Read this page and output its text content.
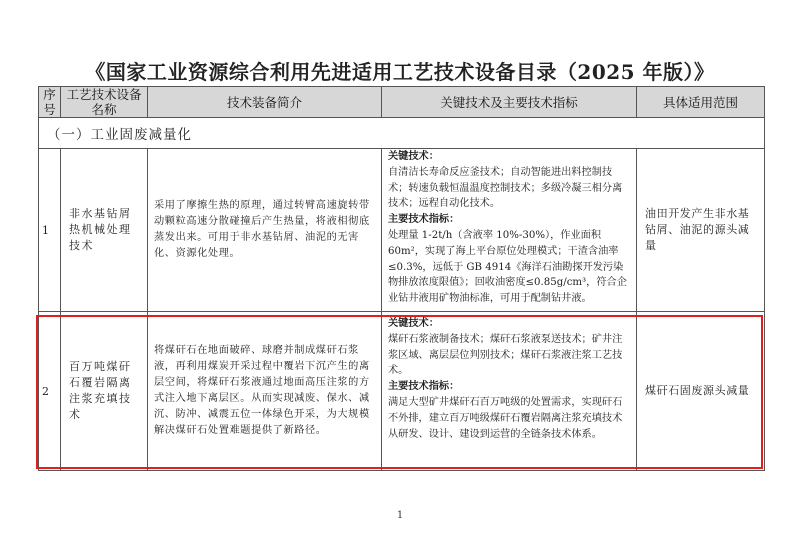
《国家工业资源综合利用先进适用工艺技术设备目录（2025 年版）》
序号	工艺技术设备名称	技术装备简介	关键技术及主要技术指标	具体适用范围
（一）工业固废减量化				
1	非水基钻屑热机械处理技术	采用了摩擦生热的原理，通过转臂高速旋转带动颗粒高速分散碰撞后产生热量，将液相彻底蒸发出来。可用于非水基钻屑、油泥的无害化、资源化处理。	关键技术：
自清洁长寿命反应釜技术；自动智能进出料控制技术；转速负载恒温温度控制技术；多级冷凝三相分离技术；远程自动化技术。
主要技术指标：
处理量 1-2t/h（含液率 10%-30%），作业面积 60m²，实现了海上平台原位处理模式；干渣含油率≤0.3%，远低于 GB 4914《海洋石油勘探开发污染物排放浓度限值》；回收油密度≤0.85g/cm³，符合企业钻井液用矿物油标准，可用于配制钻井液。	油田开发产生非水基钻屑、油泥的源头减量
2	百万吨煤矸石覆岩隔离注浆充填技术	将煤矸石在地面破碎、球磨并制成煤矸石浆液，再利用煤炭开采过程中覆岩下沉产生的离层空间，将煤矸石浆液通过地面高压注浆的方式注入地下离层区。从而实现减废、保水、减沉、防冲、减震五位一体绿色开采，为大规模解决煤矸石处置难题提供了新路径。	关键技术：
煤矸石浆液制备技术；煤矸石浆液泵送技术；矿井注浆区域、离层层位判别技术；煤矸石浆液注浆工艺技术。
主要技术指标：
满足大型矿井煤矸石百万吨级的处置需求，实现矸石不外排，建立百万吨级煤矸石覆岩隔离注浆充填技术从研发、设计、建设到运营的全链条技术体系。	煤矸石固废源头减量
1
